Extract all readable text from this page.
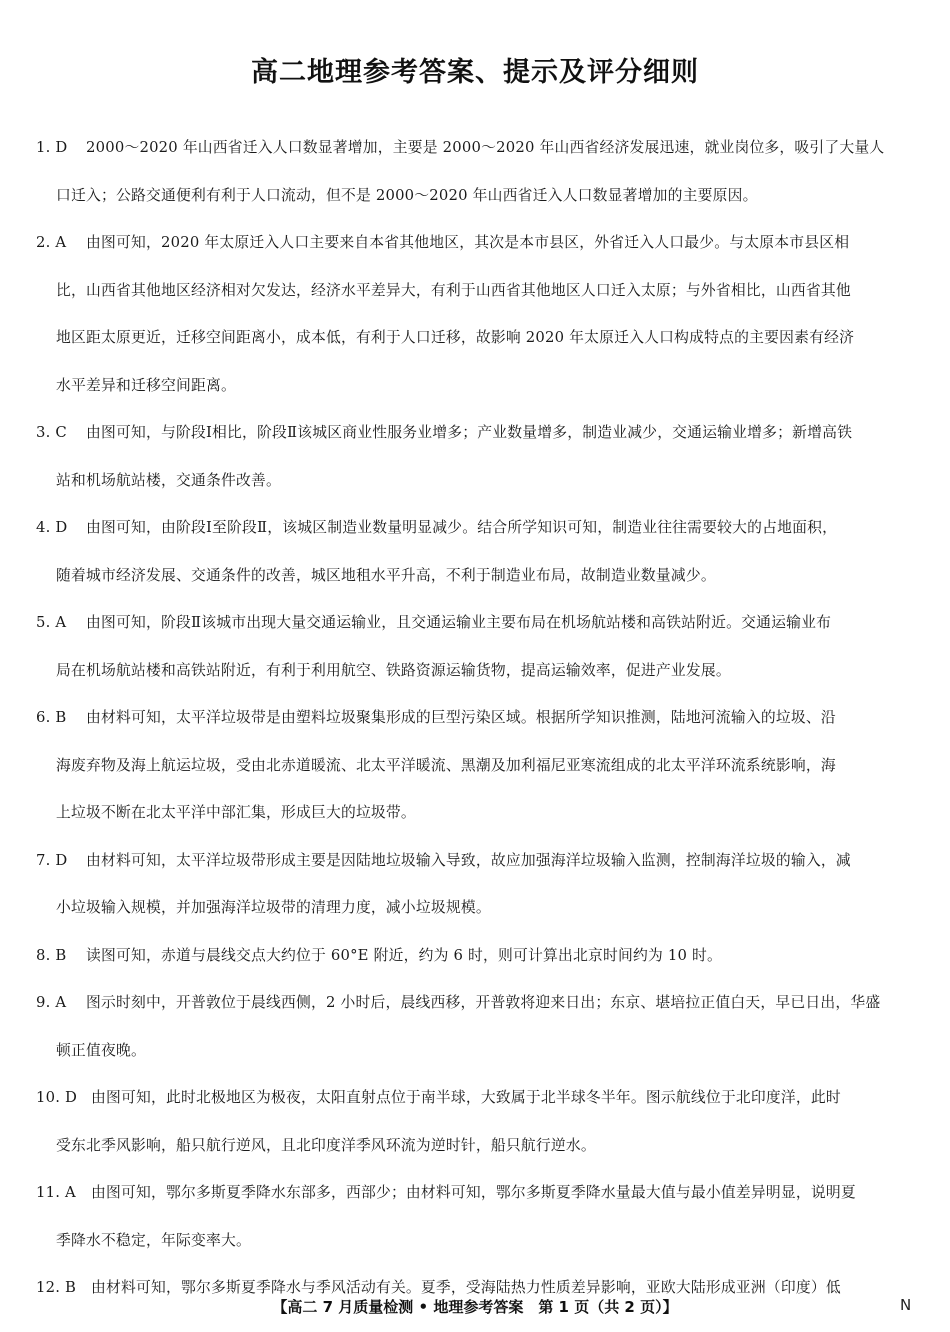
高二地理参考答案、提示及评分细则
1. D 2000～2020 年山西省迁入人口数显著增加，主要是 2000～2020 年山西省经济发展迅速，就业岗位多，吸引了大量人
口迁入；公路交通便利有利于人口流动，但不是 2000～2020 年山西省迁入人口数显著增加的主要原因。
2. A 由图可知，2020 年太原迁入人口主要来自本省其他地区，其次是本市县区，外省迁入人口最少。与太原本市县区相
比，山西省其他地区经济相对欠发达，经济水平差异大，有利于山西省其他地区人口迁入太原；与外省相比，山西省其他
地区距太原更近，迁移空间距离小，成本低，有利于人口迁移，故影响 2020 年太原迁入人口构成特点的主要因素有经济
水平差异和迁移空间距离。
3. C 由图可知，与阶段Ⅰ相比，阶段Ⅱ该城区商业性服务业增多；产业数量增多，制造业减少，交通运输业增多；新增高铁
站和机场航站楼，交通条件改善。
4. D 由图可知，由阶段Ⅰ至阶段Ⅱ，该城区制造业数量明显减少。结合所学知识可知，制造业往往需要较大的占地面积，
随着城市经济发展、交通条件的改善，城区地租水平升高，不利于制造业布局，故制造业数量减少。
5. A 由图可知，阶段Ⅱ该城市出现大量交通运输业，且交通运输业主要布局在机场航站楼和高铁站附近。交通运输业布
局在机场航站楼和高铁站附近，有利于利用航空、铁路资源运输货物，提高运输效率，促进产业发展。
6. B 由材料可知，太平洋垃圾带是由塑料垃圾聚集形成的巨型污染区域。根据所学知识推测，陆地河流输入的垃圾、沿
海废弃物及海上航运垃圾，受由北赤道暖流、北太平洋暖流、黑潮及加利福尼亚寒流组成的北太平洋环流系统影响，海
上垃圾不断在北太平洋中部汇集，形成巨大的垃圾带。
7. D 由材料可知，太平洋垃圾带形成主要是因陆地垃圾输入导致，故应加强海洋垃圾输入监测，控制海洋垃圾的输入，减
小垃圾输入规模，并加强海洋垃圾带的清理力度，减小垃圾规模。
8. B 读图可知，赤道与晨线交点大约位于 60°E 附近，约为 6 时，则可计算出北京时间约为 10 时。
9. A 图示时刻中，开普敦位于晨线西侧，2 小时后，晨线西移，开普敦将迎来日出；东京、堪培拉正值白天，早已日出，华盛
顿正值夜晚。
10. D 由图可知，此时北极地区为极夜，太阳直射点位于南半球，大致属于北半球冬半年。图示航线位于北印度洋，此时
受东北季风影响，船只航行逆风，且北印度洋季风环流为逆时针，船只航行逆水。
11. A 由图可知，鄂尔多斯夏季降水东部多，西部少；由材料可知，鄂尔多斯夏季降水量最大值与最小值差异明显，说明夏
季降水不稳定，年际变率大。
12. B 由材料可知，鄂尔多斯夏季降水与季风活动有关。夏季，受海陆热力性质差异影响，亚欧大陆形成亚洲（印度）低
【高二 7 月质量检测 • 地理参考答案　第 1 页（共 2 页）】	N
